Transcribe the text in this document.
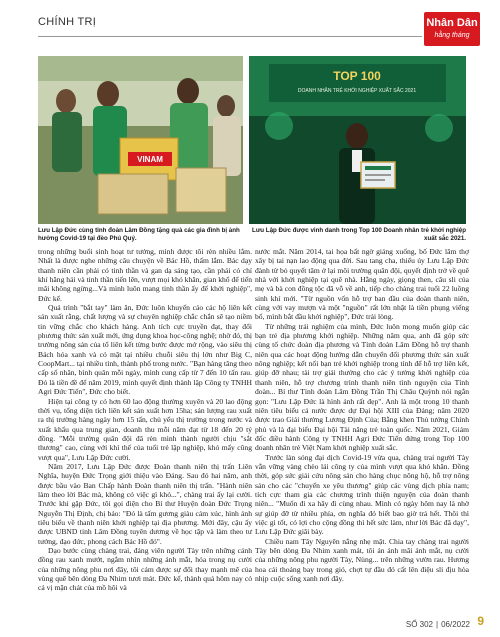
CHÍNH TRỊ	Nhân Dân
hằng tháng
VINAM
TOP 100
DOANH NHÂN TRẺ KHỞI NGHIỆP XUẤT SẮC 2021
Lưu Lập Đức cùng tỉnh đoàn Lâm Đồng tặng quà các gia đình bị ảnh hưởng Covid-19 tại đèo Phú Quý.
Lưu Lập Đức được vinh danh trong Top 100 Doanh nhân trẻ khởi nghiệp xuất sắc 2021.

trong những buổi sinh hoạt tư tưởng, mình được tôi rèn nhiều lắm. Nhất là được nghe những câu chuyện về Bác Hồ, thấm lắm. Bác dạy thanh niên cần phải có tinh thần và gan dạ sáng tạo, cần phải có chí khí hăng hái và tinh thần tiến lên, vượt mọi khó khăn, gian khổ để tiến mãi không ngừng...Và mình luôn mang tinh thần ấy để khởi nghiệp", Đức kể.

Quả trình "bắt tay" làm ăn, Đức luôn khuyến cáo các hộ liên kết sản xuất rằng, chất lượng và sự chuyên nghiệp chắc chắn sẽ tạo niềm tin vững chắc cho khách hàng. Anh tích cực truyền đạt, thay đổi phương thức sản xuất mới, ứng dụng khoa học-công nghệ; nhờ đó, thị trường nông sản của tổ liên kết từng bước được mở rộng, vào siêu thị Bách hóa xanh và có mặt tại nhiều chuỗi siêu thị lớn như Big C, CoopMart... tại nhiều tỉnh, thành phố trong nước. "Bạn hàng tăng theo cấp số nhân, bình quân mỗi ngày, mình cung cấp từ 7 đến 10 tấn rau. Đó là tiền đề để năm 2019, mình quyết định thành lập Công ty TNHH Agri Đức Tiến", Đức cho biết.

Hiện tại công ty có hơn 60 lao động thường xuyên và 20 lao động thời vụ, tổng diện tích liên kết sản xuất hơn 15ha; sản lượng rau xuất ra thị trường hàng ngày hơn 15 tấn, chủ yếu thị trường trong nước và xuất khẩu qua trung gian, doanh thu mỗi năm đạt từ 18 đến 20 tỷ đồng. "Mỗi trường quân đội đã rèn mình thành người chịu "sắt thương" cao, cùng với khí thế của tuổi trẻ lập nghiệp, khó mấy cũng vượt qua", Lưu Lập Đức cười.

Năm 2017, Lưu Lập Đức được Đoàn thanh niên thị trấn Liên Nghĩa, huyện Đức Trọng giới thiệu vào Đảng. Sau đó hai năm, anh được bầu vào Ban Chấp hành Đoàn thanh niên thị trấn. "Hành niên làm theo lời Bác mà, không có việc gì khó...", chàng trai ấy lại cười. Trước khi gặp Đức, tôi gọi điện cho Bí thư Huyện đoàn Đức Trọng Nguyễn Thị Định, chị bảo: "Đó là tấm gương giàu cảm xúc, hình ảnh tiêu biểu về thanh niên khởi nghiệp tại địa phương. Mới đây, cậu ấy được UBND tỉnh Lâm Đồng tuyên dương về học tập và làm theo tư tưởng, đạo đức, phong cách Bác Hồ đó".

Dạo bước cùng chàng trai, đáng viên người Tày trên những cánh đồng rau xanh mướt, ngắm nhìn những ánh mắt, hóa trong nụ cười của những nông phu nơi đây, tôi cảm được sự đổi thay mạnh mẽ của vùng quê bên dòng Đa Nhim tươi mát. Đức kể, thành quả hôm nay có cả vị mặn chát của mồ hôi và

nước mắt. Năm 2014, tai họa bất ngờ giáng xuống, bố Đức lâm thợ xây bị tai nạn lao động qua đời. Sau tang cha, thiếu úy Lưu Lập Đức đành từ bỏ quyết tâm ở lại môi trường quân đội, quyết định trở về quê nhà với khởi nghiệp tại quê nhà. Hằng ngày, giọng then, câu sli của mẹ và bà con đồng tộc đã vỗ về anh, tiếp cho chàng trai tuổi 22 luồng sinh khí mới. "Từ nguồn vốn hỗ trợ ban đầu của đoàn thanh niên, cùng với vay mượn và một "nguồn" rất lớn nhặt là tiền phụng viếng bố, mình bắt đầu khởi nghiệp", Đức trải lòng.

Từ những trải nghiệm của mình, Đức luôn mong muốn giúp các bạn trẻ địa phương khởi nghiệp. Những năm qua, anh đã góp sức cùng tổ chức đoàn địa phương và Tỉnh đoàn Lâm Đồng hỗ trợ thanh niên qua các hoạt động hướng dẫn chuyển đổi phương thức sản xuất nông nghiệp; kết nối bạn trẻ khởi nghiệp trong tỉnh để hỗ trợ liên kết, giúp đỡ nhau; tài trợ giải thưởng cho các ý tưởng khởi nghiệp của thanh niên, hỗ trợ chương trình thanh niên tình nguyện của Tỉnh đoàn... Bí thư Tỉnh đoàn Lâm Đồng Trần Thị Châu Quỳnh nói ngắn gọn: "Lưu Lập Đức là hình ảnh rất đẹp". Anh là một trong 10 thanh niên tiêu biểu cả nước được dự Đại hội XIII của Đảng; năm 2020 được trao Giải thưởng Lương Định Của; Bằng khen Thủ tướng Chính phủ và là đại biểu Đại hội Tài năng trẻ toàn quốc. Năm 2021, Giám đốc điều hành Công ty TNHH Agri Đức Tiến đứng trong Top 100 doanh nhân trẻ Việt Nam khởi nghiệp xuất sắc.

Trước làn sóng đại dịch Covid-19 vừa qua, chàng trai người Tày vẫn vững vàng chèo lái công ty của mình vượt qua khó khăn. Đồng thời, góp sức giải cứu nông sản cho hàng chục nông hộ, hỗ trợ nông sản cho các "chuyến xe yêu thương" giúp các vùng dịch phía nam; tích cực tham gia các chương trình thiện nguyện của đoàn thanh niên... "Muốn đi xa hãy đi cùng nhau. Mình có ngày hôm nay là nhờ sự giúp đỡ từ nhiều phía, ơn nghĩa đó biết bao giờ trả hết. Thôi thì việc gì tốt, có lợi cho cộng đồng thì hết sức làm, như lời Bác đã dạy", Lưu Lập Đức giãi bày.

Chiều nam Tây Nguyên nắng nhẹ mặt. Chia tay chàng trai người Tày bên dòng Đa Nhim xanh mát, tôi ản ảnh mãi ánh mắt, nụ cười của những nông phu người Tày, Nùng... trên những vườn rau. Hương hoa cải thoảng bay trong gió, chợt tự đầu đó cất lên điệu sli địu hòa nhịp cuộc sống xanh nơi đây.

SỐ 302 | 06/2022 9
